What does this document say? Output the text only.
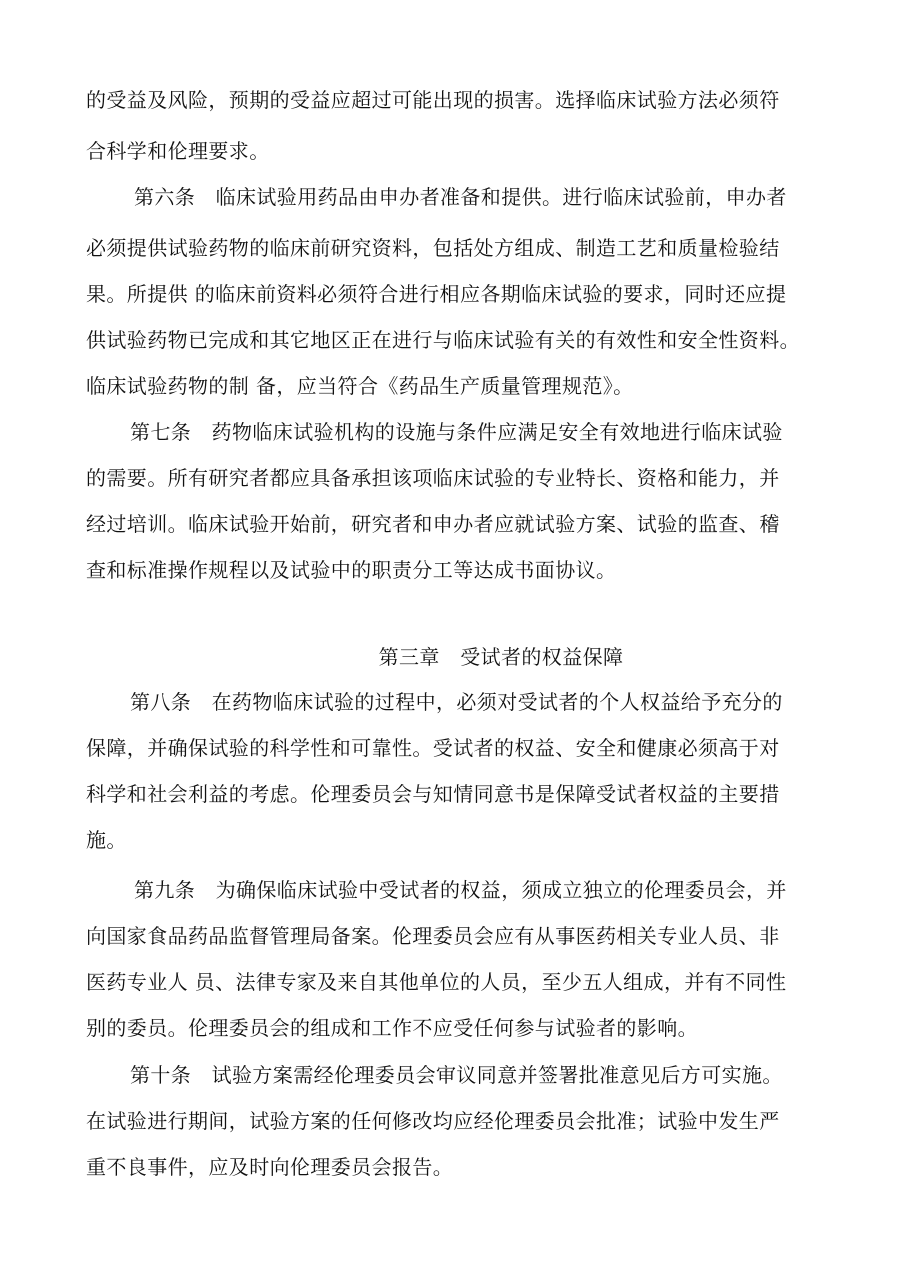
的受益及风险，预期的受益应超过可能出现的损害。选择临床试验方法必须符
合科学和伦理要求。
第六条　临床试验用药品由申办者准备和提供。进行临床试验前，申办者
必须提供试验药物的临床前研究资料，包括处方组成、制造工艺和质量检验结
果。所提供 的临床前资料必须符合进行相应各期临床试验的要求，同时还应提
供试验药物已完成和其它地区正在进行与临床试验有关的有效性和安全性资料。
临床试验药物的制 备，应当符合《药品生产质量管理规范》。
第七条　药物临床试验机构的设施与条件应满足安全有效地进行临床试验
的需要。所有研究者都应具备承担该项临床试验的专业特长、资格和能力，并
经过培训。临床试验开始前，研究者和申办者应就试验方案、试验的监查、稽
查和标准操作规程以及试验中的职责分工等达成书面协议。
第三章　受试者的权益保障
第八条　在药物临床试验的过程中，必须对受试者的个人权益给予充分的
保障，并确保试验的科学性和可靠性。受试者的权益、安全和健康必须高于对
科学和社会利益的考虑。伦理委员会与知情同意书是保障受试者权益的主要措
施。
第九条　为确保临床试验中受试者的权益，须成立独立的伦理委员会，并
向国家食品药品监督管理局备案。伦理委员会应有从事医药相关专业人员、非
医药专业人 员、法律专家及来自其他单位的人员，至少五人组成，并有不同性
别的委员。伦理委员会的组成和工作不应受任何参与试验者的影响。
第十条　试验方案需经伦理委员会审议同意并签署批准意见后方可实施。
在试验进行期间，试验方案的任何修改均应经伦理委员会批准；试验中发生严
重不良事件，应及时向伦理委员会报告。
